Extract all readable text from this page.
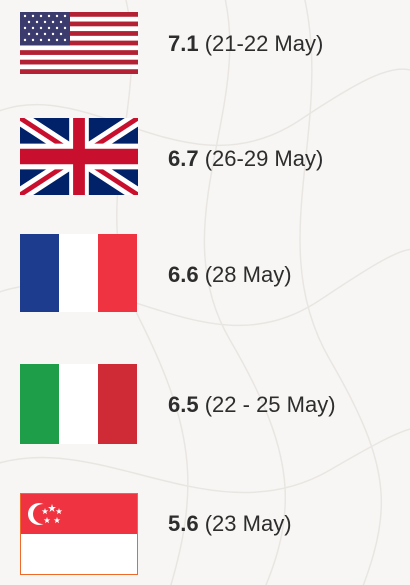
7.1 (21-22 May)
6.7 (26-29 May)
6.6 (28 May)
6.5 (22 - 25 May)
5.6 (23 May)
